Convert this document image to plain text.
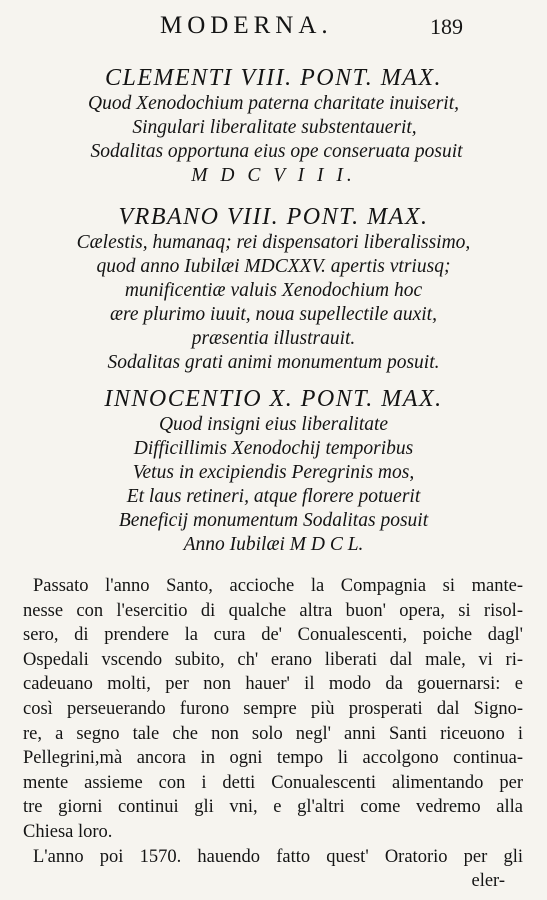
MODERNA.	189
CLEMENTI VIII. PONT. MAX.
Quod Xenodochium paterna charitate inuiserit,
Singulari liberalitate substentauerit,
Sodalitas opportuna eius ope conseruata posuit
M D C V I I I.
VRBANO VIII. PONT. MAX.
Cælestis, humanaq; rei dispensatori liberalissimo,
quod anno Iubilæi MDCXXV. apertis vtriusq;
munificentiæ valuis Xenodochium hoc
ære plurimo iuuit, noua supellectile auxit,
præsentia illustrauit.
Sodalitas grati animi monumentum posuit.
INNOCENTIO X. PONT. MAX.
Quod insigni eius liberalitate
Difficillimis Xenodochij temporibus
Vetus in excipiendis Peregrinis mos,
Et laus retineri, atque florere potuerit
Beneficij monumentum Sodalitas posuit
Anno Iubilæi M D C L.
Passato l'anno Santo, accioche la Compagnia si mante-
nesse con l'esercitio di qualche altra buon' opera, si risol-
sero, di prendere la cura de' Conualescenti, poiche dagl'
Ospedali vscendo subito, ch' erano liberati dal male, vi ri-
cadeuano molti, per non hauer' il modo da gouernarsi: e
così perseuerando furono sempre più prosperati dal Signo-
re, a segno tale che non solo negl' anni Santi riceuono i
Pellegrini,mà ancora in ogni tempo li accolgono continua-
mente assieme con i detti Conualescenti alimentando per
tre giorni continui gli vni, e gl'altri come vedremo alla
Chiesa loro.
L'anno poi 1570. hauendo fatto quest' Oratorio per gli
eler-
